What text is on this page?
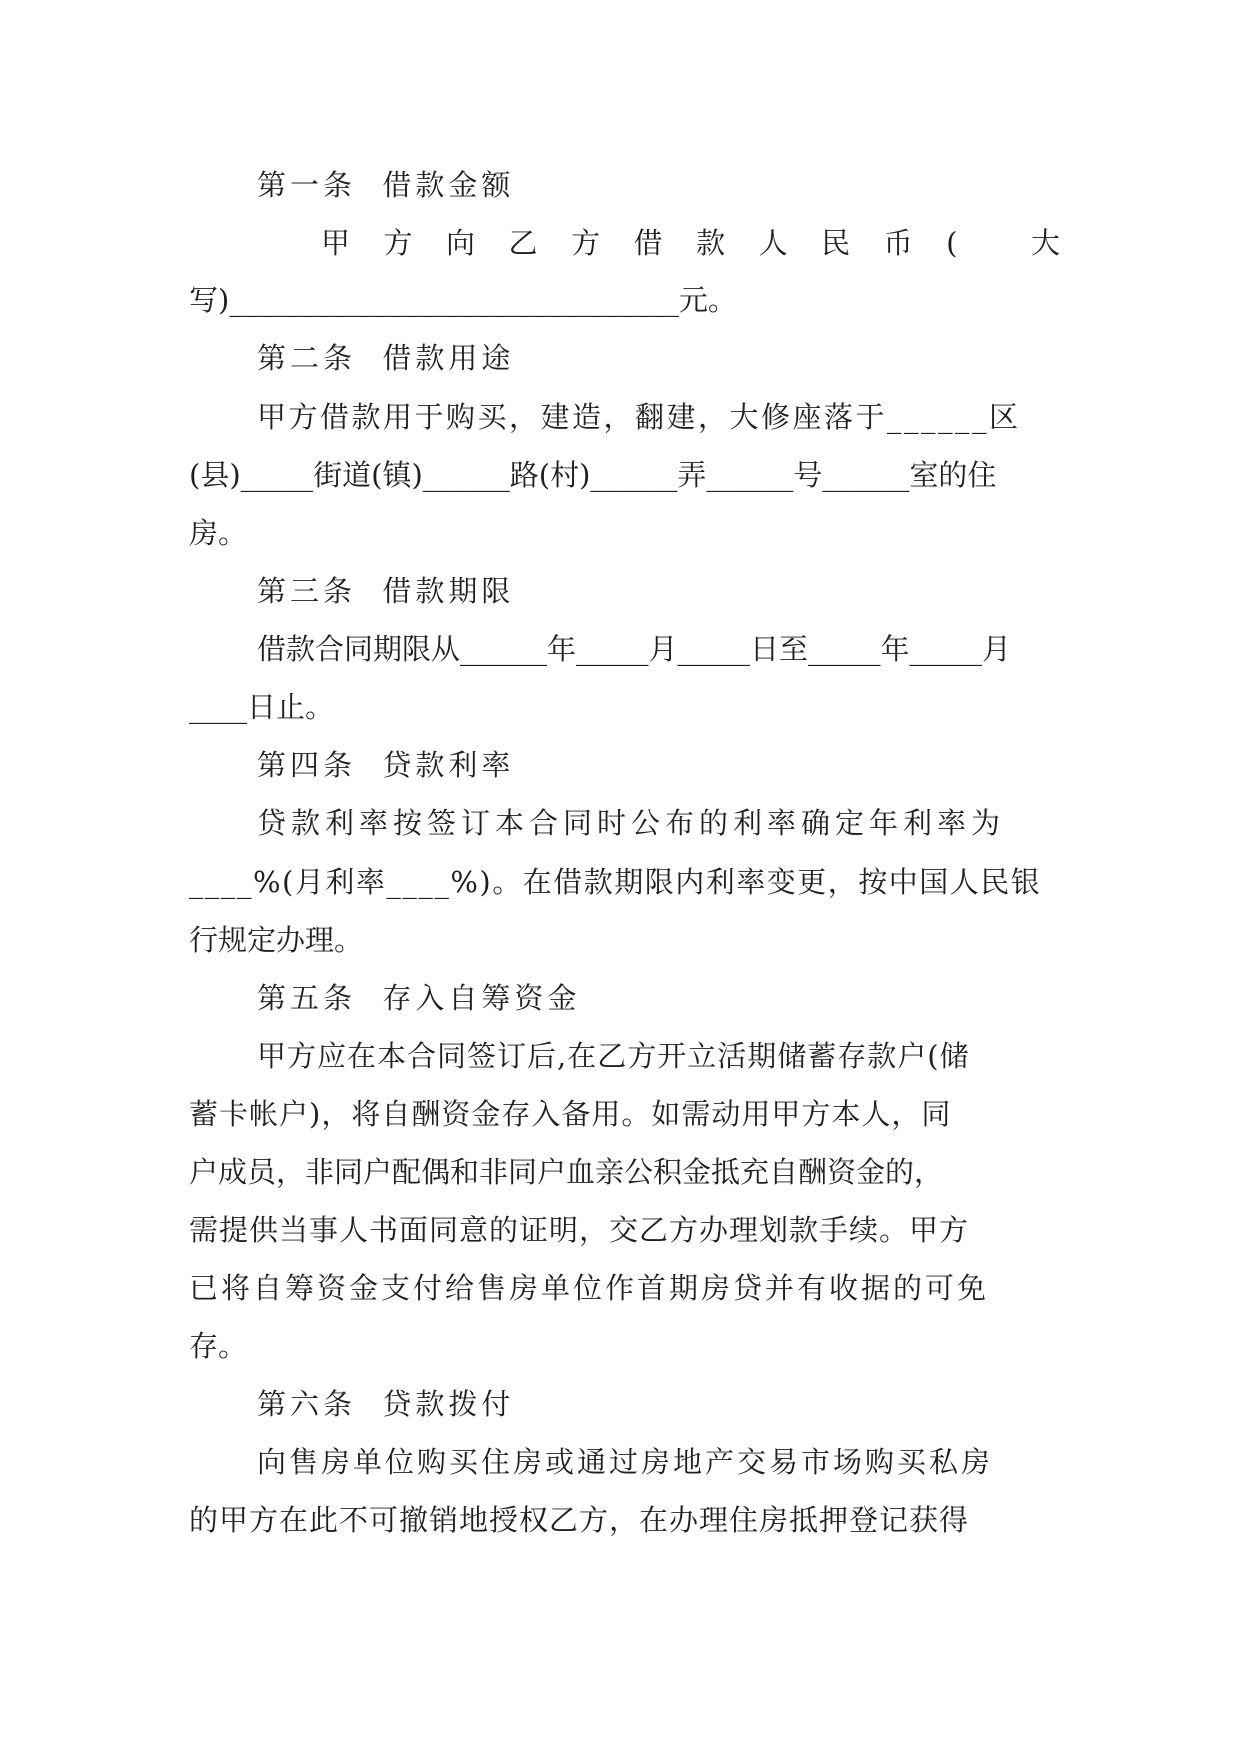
第一条  借款金额
甲 方 向 乙 方 借 款 人 民 币 (	大
写)_______________________________元。
第二条  借款用途
甲方借款用于购买，建造，翻建，大修座落于______区
(县)_____街道(镇)______路(村)______弄______号______室的住
房。
第三条  借款期限
借款合同期限从______年_____月_____日至_____年_____月
____日止。
第四条  贷款利率
贷款利率按签订本合同时公布的利率确定年利率为
____%(月利率____%)。在借款期限内利率变更，按中国人民银
行规定办理。
第五条  存入自筹资金
甲方应在本合同签订后,在乙方开立活期储蓄存款户(储
蓄卡帐户)，将自酬资金存入备用。如需动用甲方本人，同
户成员，非同户配偶和非同户血亲公积金抵充自酬资金的，
需提供当事人书面同意的证明，交乙方办理划款手续。甲方
已将自筹资金支付给售房单位作首期房贷并有收据的可免
存。
第六条  贷款拨付
向售房单位购买住房或通过房地产交易市场购买私房
的甲方在此不可撤销地授权乙方，在办理住房抵押登记获得
